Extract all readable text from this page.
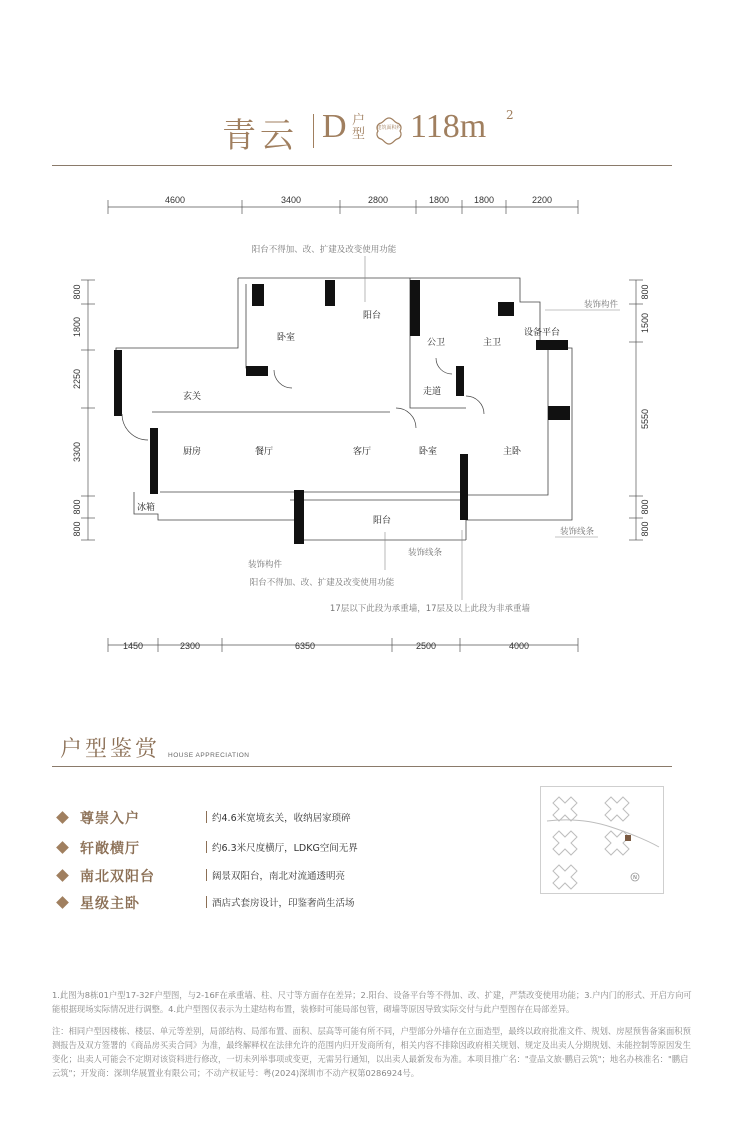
青云 D 户型 建筑面积约 118m 2
4600	3400	2800	1800	1800	2200
1450	2300	6350	2500	4000
800
1800
2250
3300
800
800
800
1500
5550
800
800
卧室
阳台
公卫	主卫
设备平台
玄关	走道
厨房	餐厅	客厅	卧室	主卧
阳台
冰箱
阳台不得加、改、扩建及改变使用功能
装饰构件
装饰线条
装饰构件
装饰线条
阳台不得加、改、扩建及改变使用功能
17层以下此段为承重墙，17层及以上此段为非承重墙
户型鉴赏 HOUSE APPRECIATION
尊崇入户	约4.6米宽境玄关，收纳居家琐碎
轩敞横厅	约6.3米尺度横厅，LDKG空间无界
南北双阳台	阔景双阳台，南北对流通透明亮
星级主卧	酒店式套房设计，印鉴奢尚生活场
N
1.此图为8栋01户型17-32F户型图，与2-16F在承重墙、柱、尺寸等方面存在差异；2.阳台、设备平台等不得加、改、扩建，严禁改变使用功能；3.户内门的形式、开启方向可能根据现场实际情况进行调整。4.此户型图仅表示为土建结构布置，装修时可能局部包管，砌墙等原因导致实际交付与此户型图存在局部差异。
注：相同户型因楼栋、楼层、单元等差别，局部结构、局部布置、面积、层高等可能有所不同，户型部分外墙存在立面造型，最终以政府批准文件、规划、房屋预售备案面积预测报告及双方签署的《商品房买卖合同》为准，最终解释权在法律允许的范围内归开发商所有，相关内容不排除因政府相关规划、规定及出卖人分期规划、未能控制等原因发生变化；出卖人可能会不定期对该资料进行修改，一切未列举事项或变更，无需另行通知，以出卖人最新发布为准。本项目推广名："壹品文旅·鹏启云筑"；地名办核准名："鹏启云筑"；开发商：深圳华展置业有限公司；不动产权证号：粤(2024)深圳市不动产权第0286924号。
